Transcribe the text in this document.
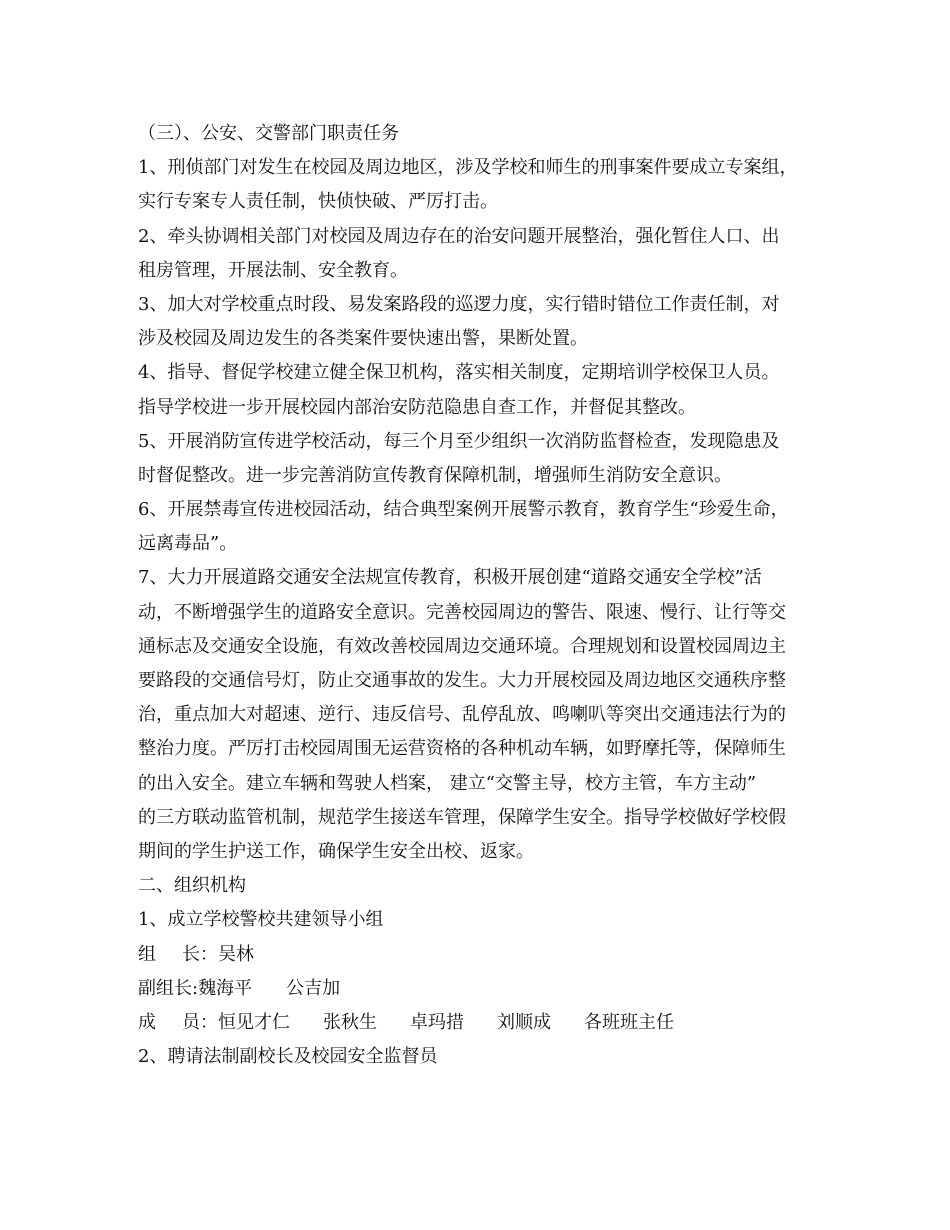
（三）、公安、交警部门职责任务
1、刑侦部门对发生在校园及周边地区，涉及学校和师生的刑事案件要成立专案组，
实行专案专人责任制，快侦快破、严厉打击。
2、牵头协调相关部门对校园及周边存在的治安问题开展整治，强化暂住人口、出
租房管理，开展法制、安全教育。
3、加大对学校重点时段、易发案路段的巡逻力度，实行错时错位工作责任制，对
涉及校园及周边发生的各类案件要快速出警，果断处置。
4、指导、督促学校建立健全保卫机构，落实相关制度，定期培训学校保卫人员。
指导学校进一步开展校园内部治安防范隐患自查工作，并督促其整改。
5、开展消防宣传进学校活动，每三个月至少组织一次消防监督检查，发现隐患及
时督促整改。进一步完善消防宣传教育保障机制，增强师生消防安全意识。
6、开展禁毒宣传进校园活动，结合典型案例开展警示教育，教育学生“珍爱生命，
远离毒品”。
7、大力开展道路交通安全法规宣传教育，积极开展创建“道路交通安全学校”活
动，不断增强学生的道路安全意识。完善校园周边的警告、限速、慢行、让行等交
通标志及交通安全设施，有效改善校园周边交通环境。合理规划和设置校园周边主
要路段的交通信号灯，防止交通事故的发生。大力开展校园及周边地区交通秩序整
治，重点加大对超速、逆行、违反信号、乱停乱放、鸣喇叭等突出交通违法行为的
整治力度。严厉打击校园周围无运营资格的各种机动车辆，如野摩托等，保障师生
的出入安全。建立车辆和驾驶人档案， 建立“交警主导，校方主管，车方主动”
的三方联动监管机制，规范学生接送车管理，保障学生安全。指导学校做好学校假
期间的学生护送工作，确保学生安全出校、返家。
二、组织机构
1、成立学校警校共建领导小组
组 长：吴林
副组长:魏海平 公吉加
成 员：恒见才仁 张秋生 卓玛措 刘顺成 各班班主任
2、聘请法制副校长及校园安全监督员
